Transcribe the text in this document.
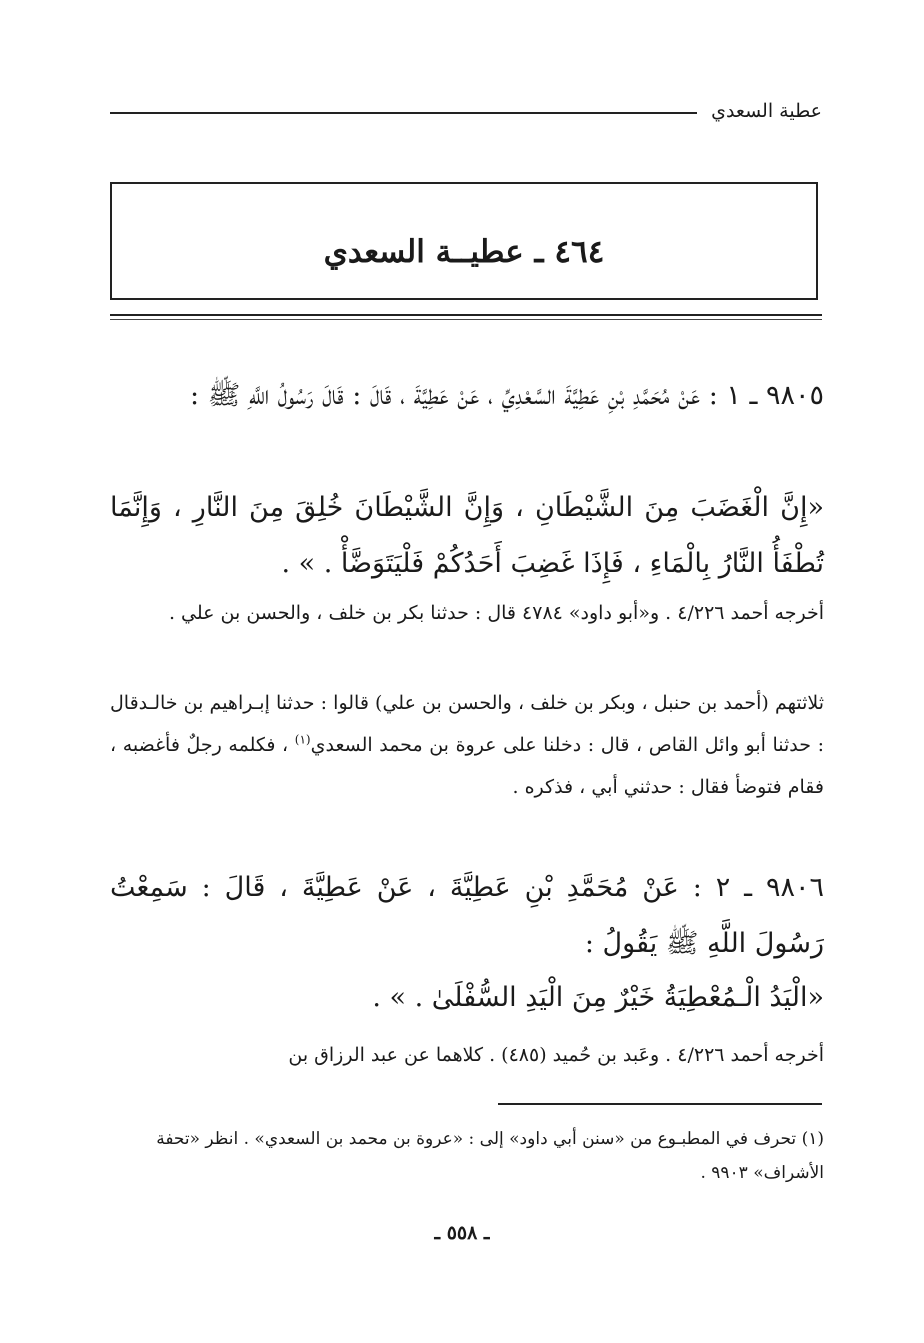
عطية السعدي
٤٦٤ ـ عطيــة السعدي
٩٨٠٥ ـ ١ : عَنْ مُحَمَّدِ بْنِ عَطِيَّةَ السَّعْدِيِّ ، عَنْ عَطِيَّةَ ، قَالَ : قَالَ رَسُولُ اللَّهِ ﷺ :
«إِنَّ الْغَضَبَ مِنَ الشَّيْطَانِ ، وَإِنَّ الشَّيْطَانَ خُلِقَ مِنَ النَّارِ ، وَإِنَّمَا تُطْفَأُ النَّارُ بِالْمَاءِ ، فَإِذَا غَضِبَ أَحَدُكُمْ فَلْيَتَوَضَّأْ . » .
أخرجه أحمد ٤/٢٢٦ . و«أبو داود» ٤٧٨٤ قال : حدثنا بكر بن خلف ، والحسن بن علي .
ثلاثتهم (أحمد بن حنبل ، وبكر بن خلف ، والحسن بن علي) قالوا : حدثنا إبـراهيم بن خالـدقال : حدثنا أبو وائل القاص ، قال : دخلنا على عروة بن محمد السعدي$^{(١)}$ ، فكلمه رجلٌ فأغضبه ، فقام فتوضأ فقال : حدثني أبي ، فذكره .
٩٨٠٦ ـ ٢ : عَنْ مُحَمَّدِ بْنِ عَطِيَّةَ ، عَنْ عَطِيَّةَ ، قَالَ : سَمِعْتُ رَسُولَ اللَّهِ ﷺ يَقُولُ :
«الْيَدُ الْـمُعْطِيَةُ خَيْرٌ مِنَ الْيَدِ السُّفْلَىٰ . » .
أخرجه أحمد ٤/٢٢٦ . وعَبد بن حُميد (٤٨٥) . كلاهما عن عبد الرزاق بن
(١) تحرف في المطبـوع من «سنن أبي داود» إلى : «عروة بن محمد بن السعدي» . انظر «تحفة الأشراف» ٩٩٠٣ .
ـ ٥٥٨ ـ
